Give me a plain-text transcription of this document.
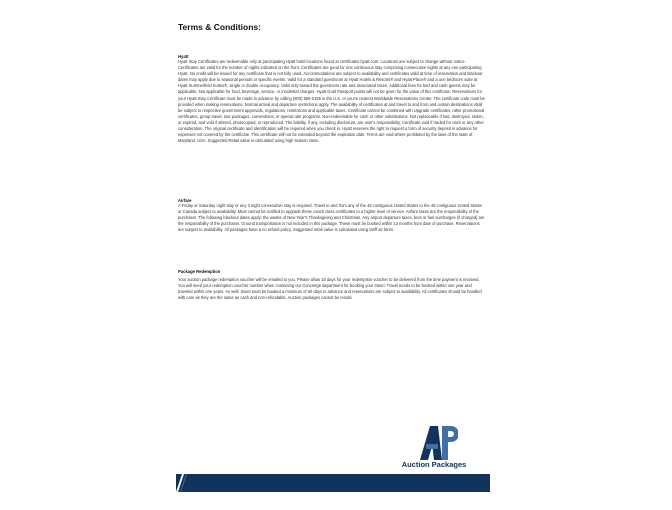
Terms & Conditions:
Hyatt

Hyatt Stay Certificates are redeemable only at participating Hyatt hotel locations found at certificates.hyatt.com. Locations are subject to change without notice. Certificates are valid for the number of nights indicated on the front. Certificates are good for one continuous stay comprising consecutive nights at any one participating Hyatt. No credit will be issued for any certificate that is not fully used. Accommodations are subject to availability and certificates valid at time of reservation and blackout dates may apply due to seasonal periods or specific events. Valid for a standard guestroom at Hyatt Hotels & Resorts® and Hyatt Place® and a one bedroom suite at Hyatt Summerfield Suites®, single or double occupancy. Valid only toward the guestroom rate and associated taxes. Additional fees for bed and cash guests may be applicable. Not applicable for food, beverage, service, or incidental charges. Hyatt Gold Passport points will not be given for the value of this certificate. Reservations for your Hyatt Stay Certificate must be made in advance by calling (800) 555-0155 in the U.S. or you're nearest Worldwide Reservations Center. The certificate code must be provided when making reservations. Normal arrival and departure restrictions apply. The availability of certificates at and travel to and from and certain destinations shall be subject to respective government approvals, regulations, restrictions and applicable taxes. Certificate cannot be combined with Upgrade certificates, other promotional certificates, group travel, tour packages, conventions, or special rate programs. Non-redeemable for cash or other substitutions. Not replaceable if lost, destroyed, stolen, or expired, and void if altered, photocopied, or reproduced. The liability, if any, including disclosure, are user's responsibility. Certificate void if traded for cash or any other consideration. The original certificate and identification will be required when you check in. Hyatt reserves the right to request a form of security deposit in advance for expenses not covered by the certificate. This certificate will not be extended beyond the expiration date. Terms are void where prohibited by the laws of the state of Maryland. USA. Suggested Retail value is calculated using high season rates.

Airfare

A Friday or Saturday night stay or any 3 night consecutive stay is required. Travel to and from any of the 48 contiguous United States to the 48 contiguous United States or Canada subject to availability. Must cannot be notified to upgrade these coach class certificates to a higher level of service. Airfare taxes are the responsibility of the purchaser. The following blackout dates apply: the weeks of New Year's Thanksgiving and Christmas. Any airport departure taxes, fees or fuel surcharges (if charged) are the responsibility of the purchaser. Ground transportation is not included in this package. These must be booked within 12 months from date of purchase. Reservations are subject to availability. All packages have a no refund policy. Suggested retail value is calculated using tariff air fares.

Package Redemption

Your auction package redemption voucher will be emailed to you. Please allow 15 days for your redemption voucher to be delivered from the time payment is received. You will need your redemption voucher number when contacting our Concierge department for booking your travel. Travel needs to be booked within one year and traveled within one years. As well, travel must be booked a minimum of 60 days in advance and reservations are subject to availability. All certificates should be handled with care as they are the same as cash and non-refundable. Auction packages cannot be resold.

Auction Packages
